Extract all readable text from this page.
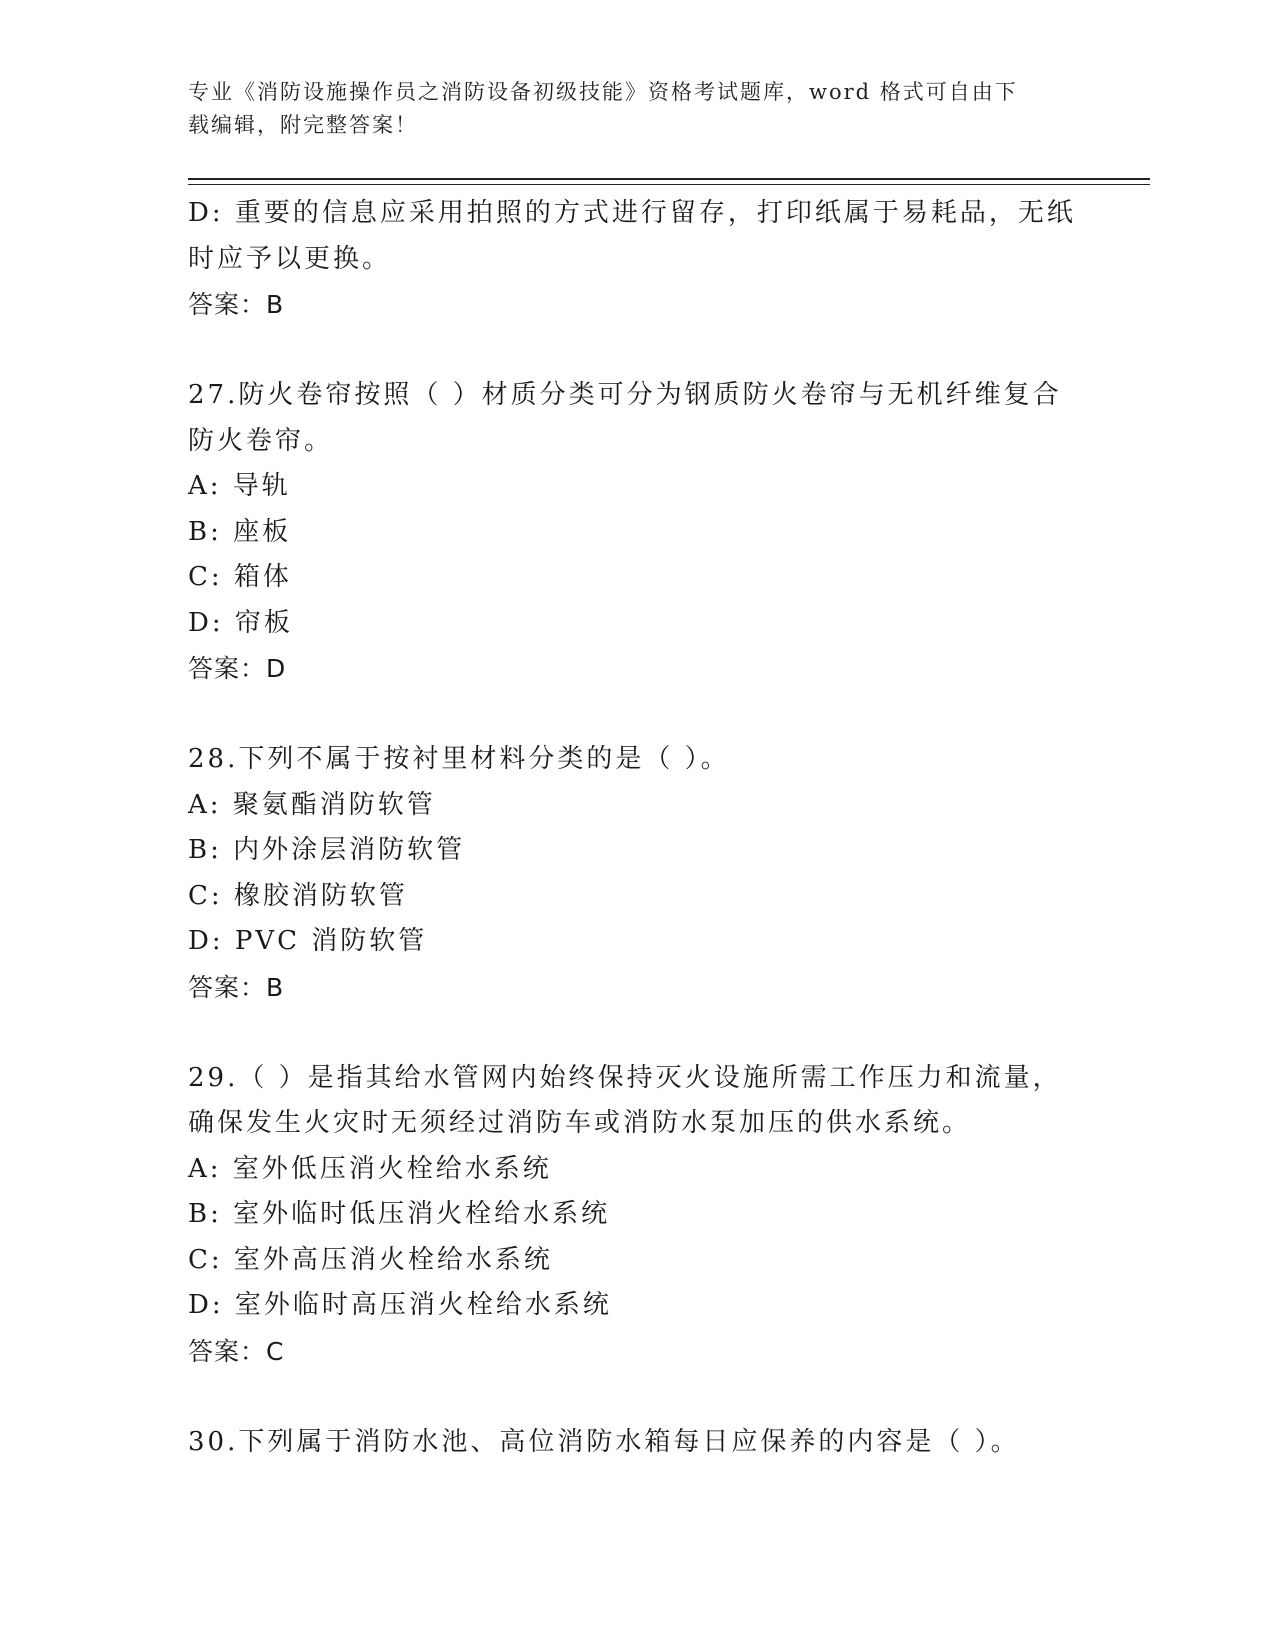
专业《消防设施操作员之消防设备初级技能》资格考试题库，word 格式可自由下
载编辑，附完整答案！
D: 重要的信息应采用拍照的方式进行留存，打印纸属于易耗品，无纸
时应予以更换。
答案：B
27.防火卷帘按照（ ）材质分类可分为钢质防火卷帘与无机纤维复合
防火卷帘。
A: 导轨
B: 座板
C: 箱体
D: 帘板
答案：D
28.下列不属于按衬里材料分类的是（ ）。
A: 聚氨酯消防软管
B: 内外涂层消防软管
C: 橡胶消防软管
D: PVC 消防软管
答案：B
29.（ ）是指其给水管网内始终保持灭火设施所需工作压力和流量，
确保发生火灾时无须经过消防车或消防水泵加压的供水系统。
A: 室外低压消火栓给水系统
B: 室外临时低压消火栓给水系统
C: 室外高压消火栓给水系统
D: 室外临时高压消火栓给水系统
答案：C
30.下列属于消防水池、高位消防水箱每日应保养的内容是（ ）。
